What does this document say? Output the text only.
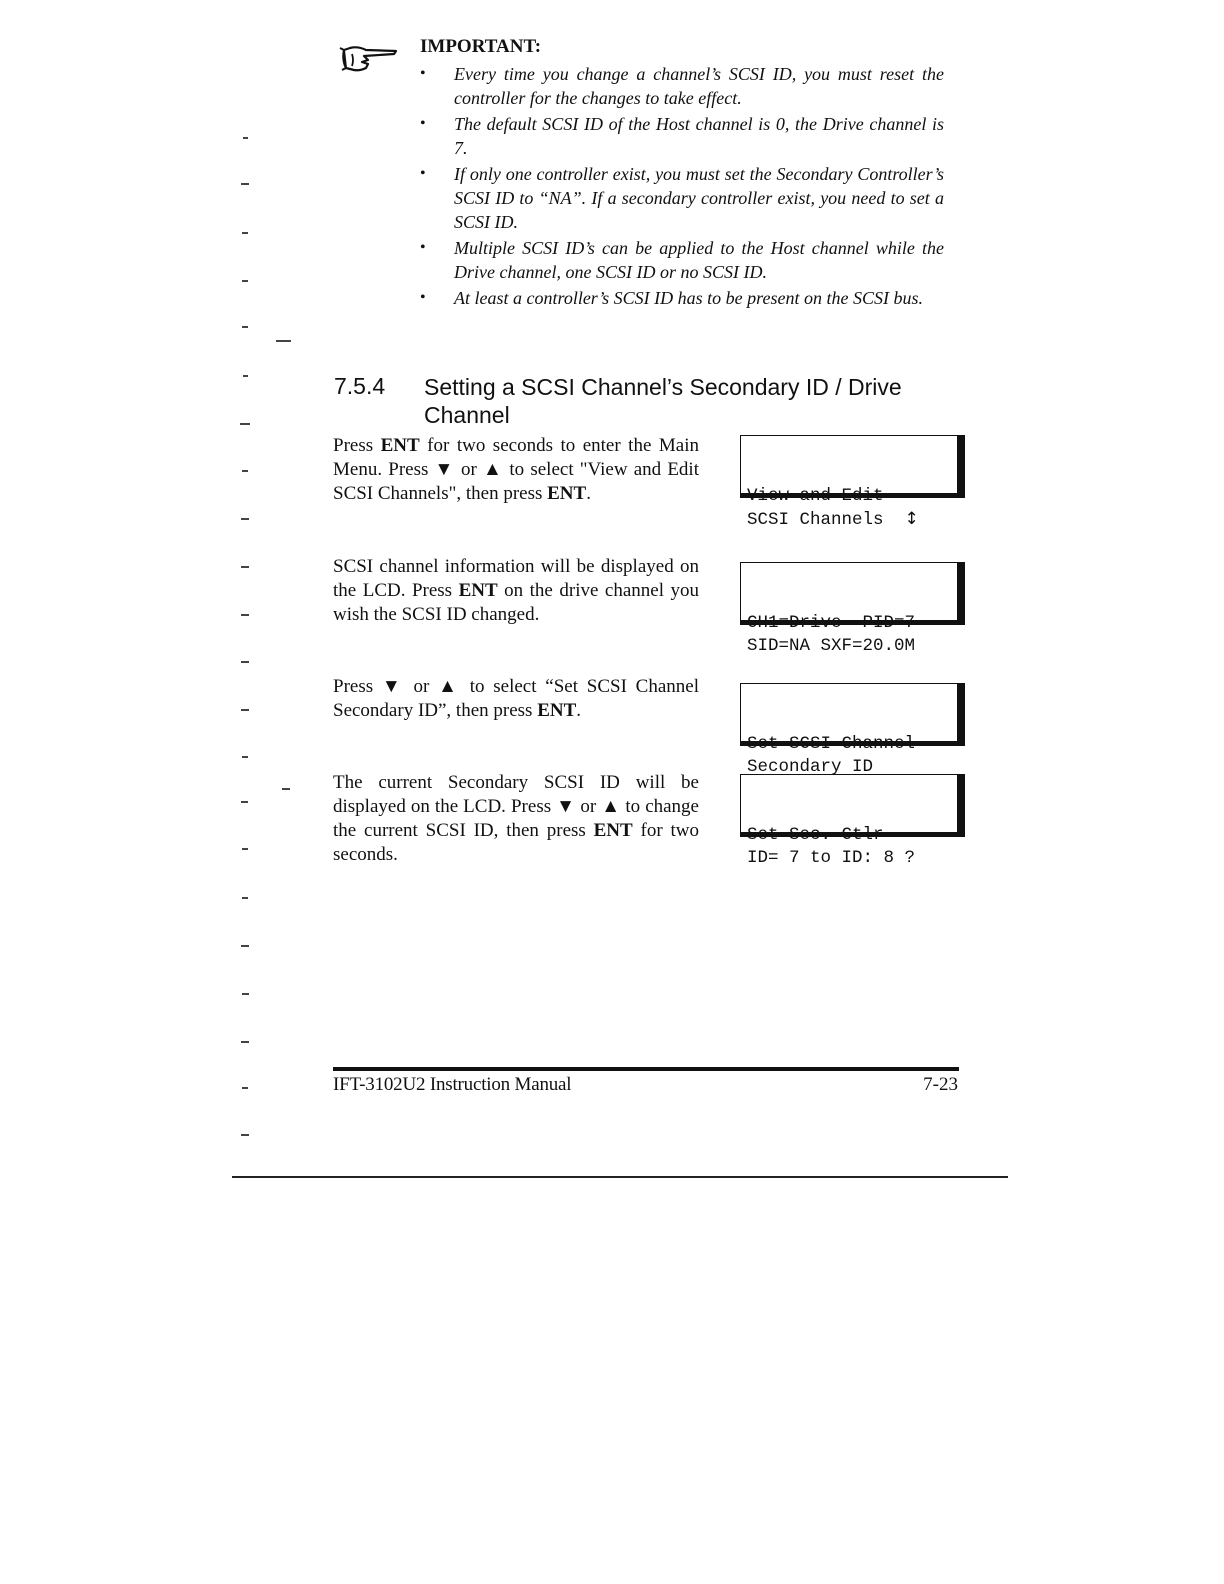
IMPORTANT:
• Every time you change a channel’s SCSI ID, you must reset the controller for the changes to take effect.
• The default SCSI ID of the Host channel is 0, the Drive channel is 7.
• If only one controller exist, you must set the Secondary Controller’s SCSI ID to “NA”. If a secondary controller exist, you need to set a SCSI ID.
• Multiple SCSI ID’s can be applied to the Host channel while the Drive channel, one SCSI ID or no SCSI ID.
• At least a controller’s SCSI ID has to be present on the SCSI bus.
7.5.4 Setting a SCSI Channel’s Secondary ID / Drive Channel
Press ENT for two seconds to enter the Main Menu. Press ▼ or ▲ to select "View and Edit SCSI Channels", then press ENT.

	View and Edit
SCSI Channels ↕

SCSI channel information will be displayed on the LCD. Press ENT on the drive channel you wish the SCSI ID changed.

	CH1=Drive  PID=7
SID=NA SXF=20.0M

Press ▼ or ▲ to select “Set SCSI Channel Secondary ID”, then press ENT.

Set SCSI Channel
Secondary ID

The current Secondary SCSI ID will be displayed on the LCD. Press ▼ or ▲ to change the current SCSI ID, then press ENT for two seconds.

Set Sec. Ctlr
ID= 7 to ID: 8 ?

IFT-3102U2 Instruction Manual	7-23
